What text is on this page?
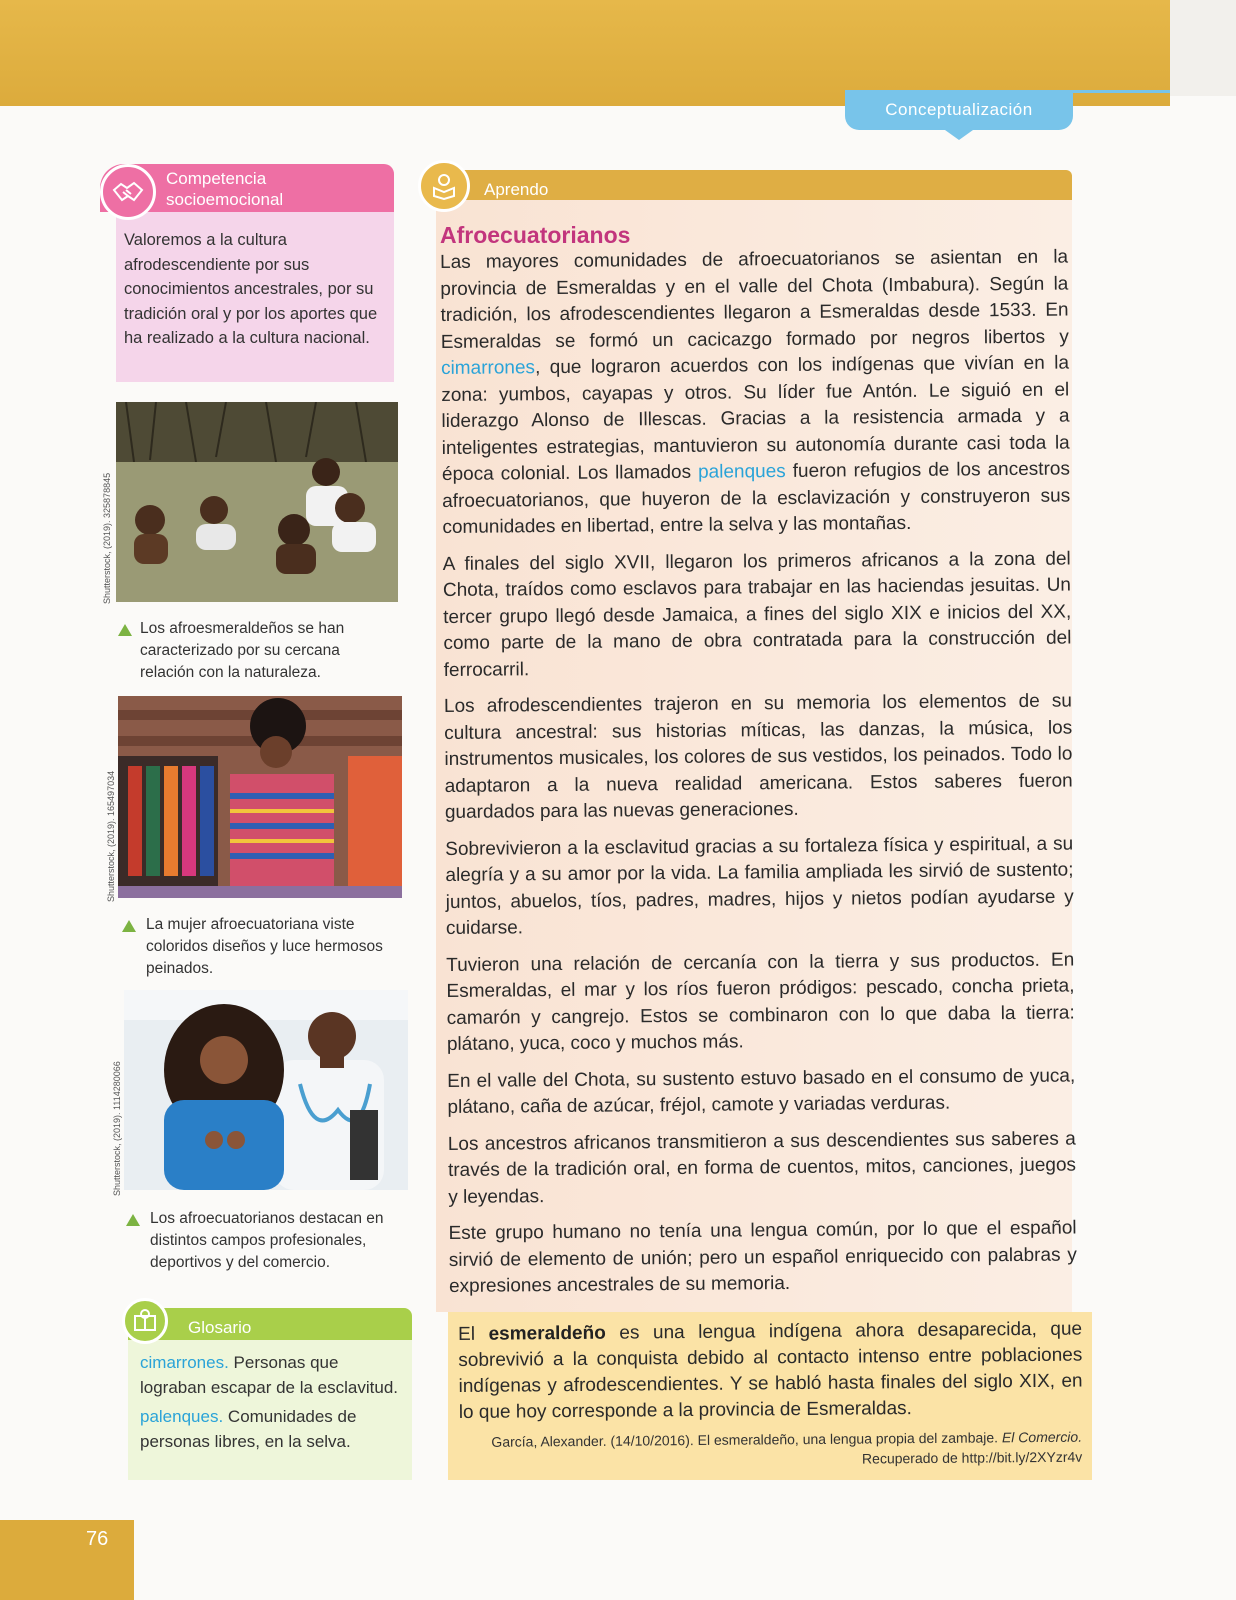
Conceptualización
Competencia
socioemocional
Valoremos a la cultura afrodescendiente por sus conocimientos ancestrales, por su tradición oral y por los aportes que ha realizado a la cultura nacional.
Shutterstock, (2019). 325878845
Los afroesmeraldeños se han caracterizado por su cercana relación con la naturaleza.
Shutterstock, (2019). 165497034
La mujer afroecuatoriana viste coloridos diseños y luce hermosos peinados.
Shutterstock, (2019). 1114280066
Los afroecuatorianos destacan en distintos campos profesionales, deportivos y del comercio.
Glosario
cimarrones. Personas que lograban escapar de la esclavitud.
palenques. Comunidades de personas libres, en la selva.
76
Aprendo
Afroecuatorianos

Las mayores comunidades de afroecuatorianos se asientan en la provincia de Esmeraldas y en el valle del Chota (Imbabura). Según la tradición, los afrodescendientes llegaron a Esmeraldas desde 1533. En Esmeraldas se formó un cacicazgo formado por negros libertos y cimarrones, que lograron acuerdos con los indígenas que vivían en la zona: yumbos, cayapas y otros. Su líder fue Antón. Le siguió en el liderazgo Alonso de Illescas. Gracias a la resistencia armada y a inteligentes estrategias, mantuvieron su autonomía durante casi toda la época colonial. Los llamados palenques fueron refugios de los ancestros afroecuatorianos, que huyeron de la esclavización y construyeron sus comunidades en libertad, entre la selva y las montañas.

A finales del siglo XVII, llegaron los primeros africanos a la zona del Chota, traídos como esclavos para trabajar en las haciendas jesuitas. Un tercer grupo llegó desde Jamaica, a fines del siglo XIX e inicios del XX, como parte de la mano de obra contratada para la construcción del ferrocarril.

Los afrodescendientes trajeron en su memoria los elementos de su cultura ancestral: sus historias míticas, las danzas, la música, los instrumentos musicales, los colores de sus vestidos, los peinados. Todo lo adaptaron a la nueva realidad americana. Estos saberes fueron guardados para las nuevas generaciones.

Sobrevivieron a la esclavitud gracias a su fortaleza física y espiritual, a su alegría y a su amor por la vida. La familia ampliada les sirvió de sustento; juntos, abuelos, tíos, padres, madres, hijos y nietos podían ayudarse y cuidarse.

Tuvieron una relación de cercanía con la tierra y sus productos. En Esmeraldas, el mar y los ríos fueron pródigos: pescado, concha prieta, camarón y cangrejo. Estos se combinaron con lo que daba la tierra: plátano, yuca, coco y muchos más.

En el valle del Chota, su sustento estuvo basado en el consumo de yuca, plátano, caña de azúcar, fréjol, camote y variadas verduras.

Los ancestros africanos transmitieron a sus descendientes sus saberes a través de la tradición oral, en forma de cuentos, mitos, canciones, juegos y leyendas.

Este grupo humano no tenía una lengua común, por lo que el español sirvió de elemento de unión; pero un español enriquecido con palabras y expresiones ancestrales de su memoria.

El esmeraldeño es una lengua indígena ahora desaparecida, que sobrevivió a la conquista debido al contacto intenso entre poblaciones indígenas y afrodescendientes. Y se habló hasta finales del siglo XIX, en lo que hoy corresponde a la provincia de Esmeraldas.
García, Alexander. (14/10/2016). El esmeraldeño, una lengua propia del zambaje. El Comercio.
Recuperado de http://bit.ly/2XYzr4v
